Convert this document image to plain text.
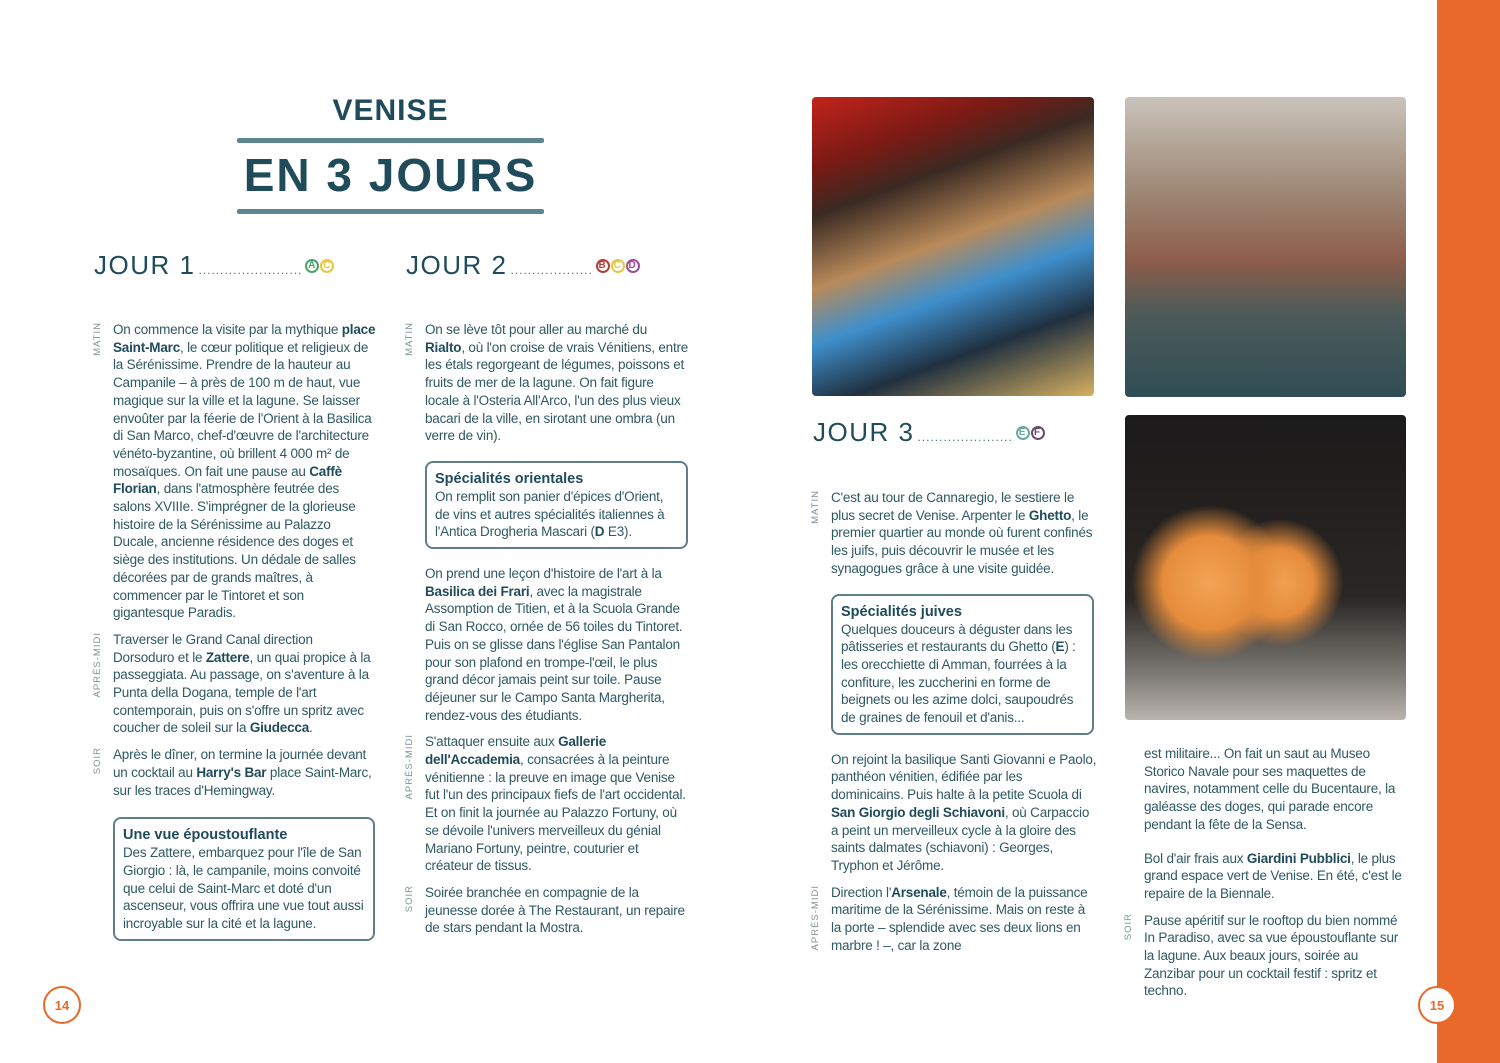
VENISE
EN 3 JOURS
JOUR 1 ........................ A C
MATIN On commence la visite par la mythique place Saint-Marc, le cœur politique et religieux de la Sérénissime. Prendre de la hauteur au Campanile – à près de 100 m de haut, vue magique sur la ville et la lagune. Se laisser envoûter par la féerie de l'Orient à la Basilica di San Marco, chef-d'œuvre de l'architecture vénéto-byzantine, où brillent 4 000 m² de mosaïques. On fait une pause au Caffè Florian, dans l'atmosphère feutrée des salons XVIIIe. S'imprégner de la glorieuse histoire de la Sérénissime au Palazzo Ducale, ancienne résidence des doges et siège des institutions. Un dédale de salles décorées par de grands maîtres, à commencer par le Tintoret et son gigantesque Paradis.
APRÈS-MIDI Traverser le Grand Canal direction Dorsoduro et le Zattere, un quai propice à la passeggiata. Au passage, on s'aventure à la Punta della Dogana, temple de l'art contemporain, puis on s'offre un spritz avec coucher de soleil sur la Giudecca.
SOIR Après le dîner, on termine la journée devant un cocktail au Harry's Bar place Saint-Marc, sur les traces d'Hemingway.
Une vue époustouflante
Des Zattere, embarquez pour l'île de San Giorgio : là, le campanile, moins convoité que celui de Saint-Marc et doté d'un ascenseur, vous offrira une vue tout aussi incroyable sur la cité et la lagune.
JOUR 2 ................... B C D
MATIN On se lève tôt pour aller au marché du Rialto, où l'on croise de vrais Vénitiens, entre les étals regorgeant de légumes, poissons et fruits de mer de la lagune. On fait figure locale à l'Osteria All'Arco, l'un des plus vieux bacari de la ville, en sirotant une ombra (un verre de vin).
Spécialités orientales
On remplit son panier d'épices d'Orient, de vins et autres spécialités italiennes à l'Antica Drogheria Mascari (D E3).
On prend une leçon d'histoire de l'art à la Basilica dei Frari, avec la magistrale Assomption de Titien, et à la Scuola Grande di San Rocco, ornée de 56 toiles du Tintoret. Puis on se glisse dans l'église San Pantalon pour son plafond en trompe-l'œil, le plus grand décor jamais peint sur toile. Pause déjeuner sur le Campo Santa Margherita, rendez-vous des étudiants.
APRÈS-MIDI S'attaquer ensuite aux Gallerie dell'Accademia, consacrées à la peinture vénitienne : la preuve en image que Venise fut l'un des principaux fiefs de l'art occidental. Et on finit la journée au Palazzo Fortuny, où se dévoile l'univers merveilleux du génial Mariano Fortuny, peintre, couturier et créateur de tissus.
SOIR Soirée branchée en compagnie de la jeunesse dorée à The Restaurant, un repaire de stars pendant la Mostra.
JOUR 3 ...................... E F
MATIN C'est au tour de Cannaregio, le sestiere le plus secret de Venise. Arpenter le Ghetto, le premier quartier au monde où furent confinés les juifs, puis découvrir le musée et les synagogues grâce à une visite guidée.
Spécialités juives
Quelques douceurs à déguster dans les pâtisseries et restaurants du Ghetto (E) : les orecchiette di Amman, fourrées à la confiture, les zuccherini en forme de beignets ou les azime dolci, saupoudrés de graines de fenouil et d'anis...
On rejoint la basilique Santi Giovanni e Paolo, panthéon vénitien, édifiée par les dominicains. Puis halte à la petite Scuola di San Giorgio degli Schiavoni, où Carpaccio a peint un merveilleux cycle à la gloire des saints dalmates (schiavoni) : Georges, Tryphon et Jérôme.
APRÈS-MIDI Direction l'Arsenale, témoin de la puissance maritime de la Sérénissime. Mais on reste à la porte – splendide avec ses deux lions en marbre ! –, car la zone
est militaire... On fait un saut au Museo Storico Navale pour ses maquettes de navires, notamment celle du Bucentaure, la galéasse des doges, qui parade encore pendant la fête de la Sensa.
Bol d'air frais aux Giardini Pubblici, le plus grand espace vert de Venise. En été, c'est le repaire de la Biennale.
SOIR Pause apéritif sur le rooftop du bien nommé In Paradiso, avec sa vue époustouflante sur la lagune. Aux beaux jours, soirée au Zanzibar pour un cocktail festif : spritz et techno.
14	15
